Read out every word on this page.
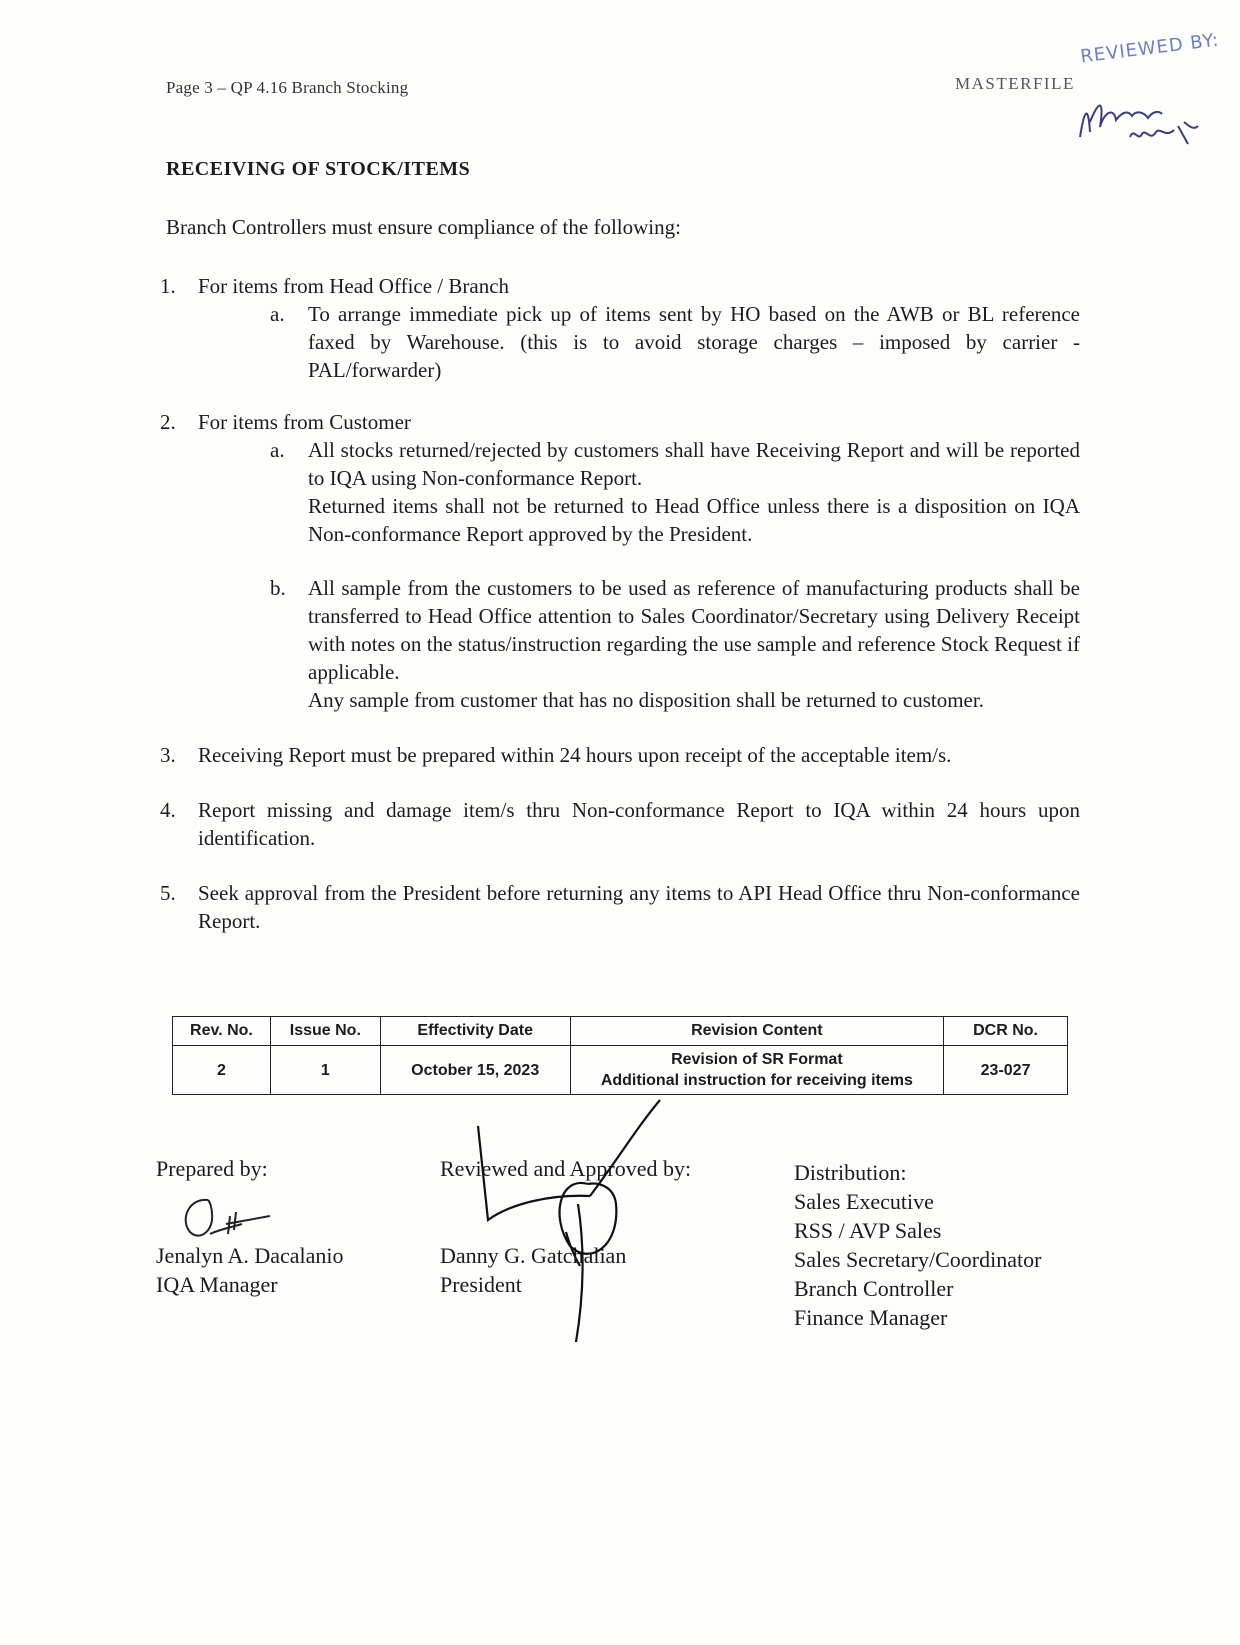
Page 3 – QP 4.16 Branch Stocking	MASTERFILE
REVIEWED BY:
RECEIVING OF STOCK/ITEMS
Branch Controllers must ensure compliance of the following:
1.	For items from Head Office / Branch
a.	To arrange immediate pick up of items sent by HO based on the AWB or BL reference faxed by Warehouse. (this is to avoid storage charges – imposed by carrier - PAL/forwarder)

2.	For items from Customer
a.	All stocks returned/rejected by customers shall have Receiving Report and will be reported to IQA using Non-conformance Report.

Returned items shall not be returned to Head Office unless there is a disposition on IQA Non-conformance Report approved by the President.

b.	All sample from the customers to be used as reference of manufacturing products shall be transferred to Head Office attention to Sales Coordinator/Secretary using Delivery Receipt with notes on the status/instruction regarding the use sample and reference Stock Request if applicable.

Any sample from customer that has no disposition shall be returned to customer.

3.	Receiving Report must be prepared within 24 hours upon receipt of the acceptable item/s.
4.	Report missing and damage item/s thru Non-conformance Report to IQA within 24 hours upon identification.
5.	Seek approval from the President before returning any items to API Head Office thru Non-conformance Report.
Rev. No.	Issue No.	Effectivity Date	Revision Content	DCR No.
2	1	October 15, 2023	Revision of SR Format
Additional instruction for receiving items	23-027
Prepared by:
Jenalyn A. Dacalanio
IQA Manager
Reviewed and Approved by:
Danny G. Gatchalian
President
Distribution:
Sales Executive
RSS / AVP Sales
Sales Secretary/Coordinator
Branch Controller
Finance Manager
